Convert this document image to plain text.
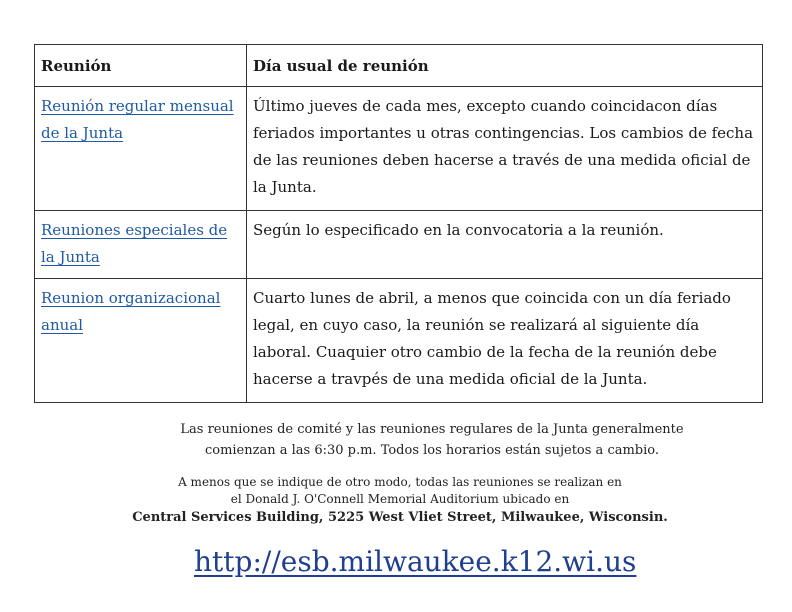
Reunión	Día usual de reunión
Reunión regular mensual de la Junta	Último jueves de cada mes, excepto cuando coincidacon días feriados importantes u otras contingencias. Los cambios de fecha de las reuniones deben hacerse a través de una medida oficial de la Junta.
Reuniones especiales de la Junta	Según lo especificado en la convocatoria a la reunión.
Reunion organizacional anual	Cuarto lunes de abril, a menos que coincida con un día feriado legal, en cuyo caso, la reunión se realizará al siguiente día laboral. Cuaquier otro cambio de la fecha de la reunión debe hacerse a travpés de una medida oficial de la Junta.
Las reuniones de comité y las reuniones regulares de la Junta generalmente
comienzan a las 6:30 p.m. Todos los horarios están sujetos a cambio.
A menos que se indique de otro modo, todas las reuniones se realizan en
el Donald J. O'Connell Memorial Auditorium ubicado en
Central Services Building, 5225 West Vliet Street, Milwaukee, Wisconsin.
http://esb.milwaukee.k12.wi.us
